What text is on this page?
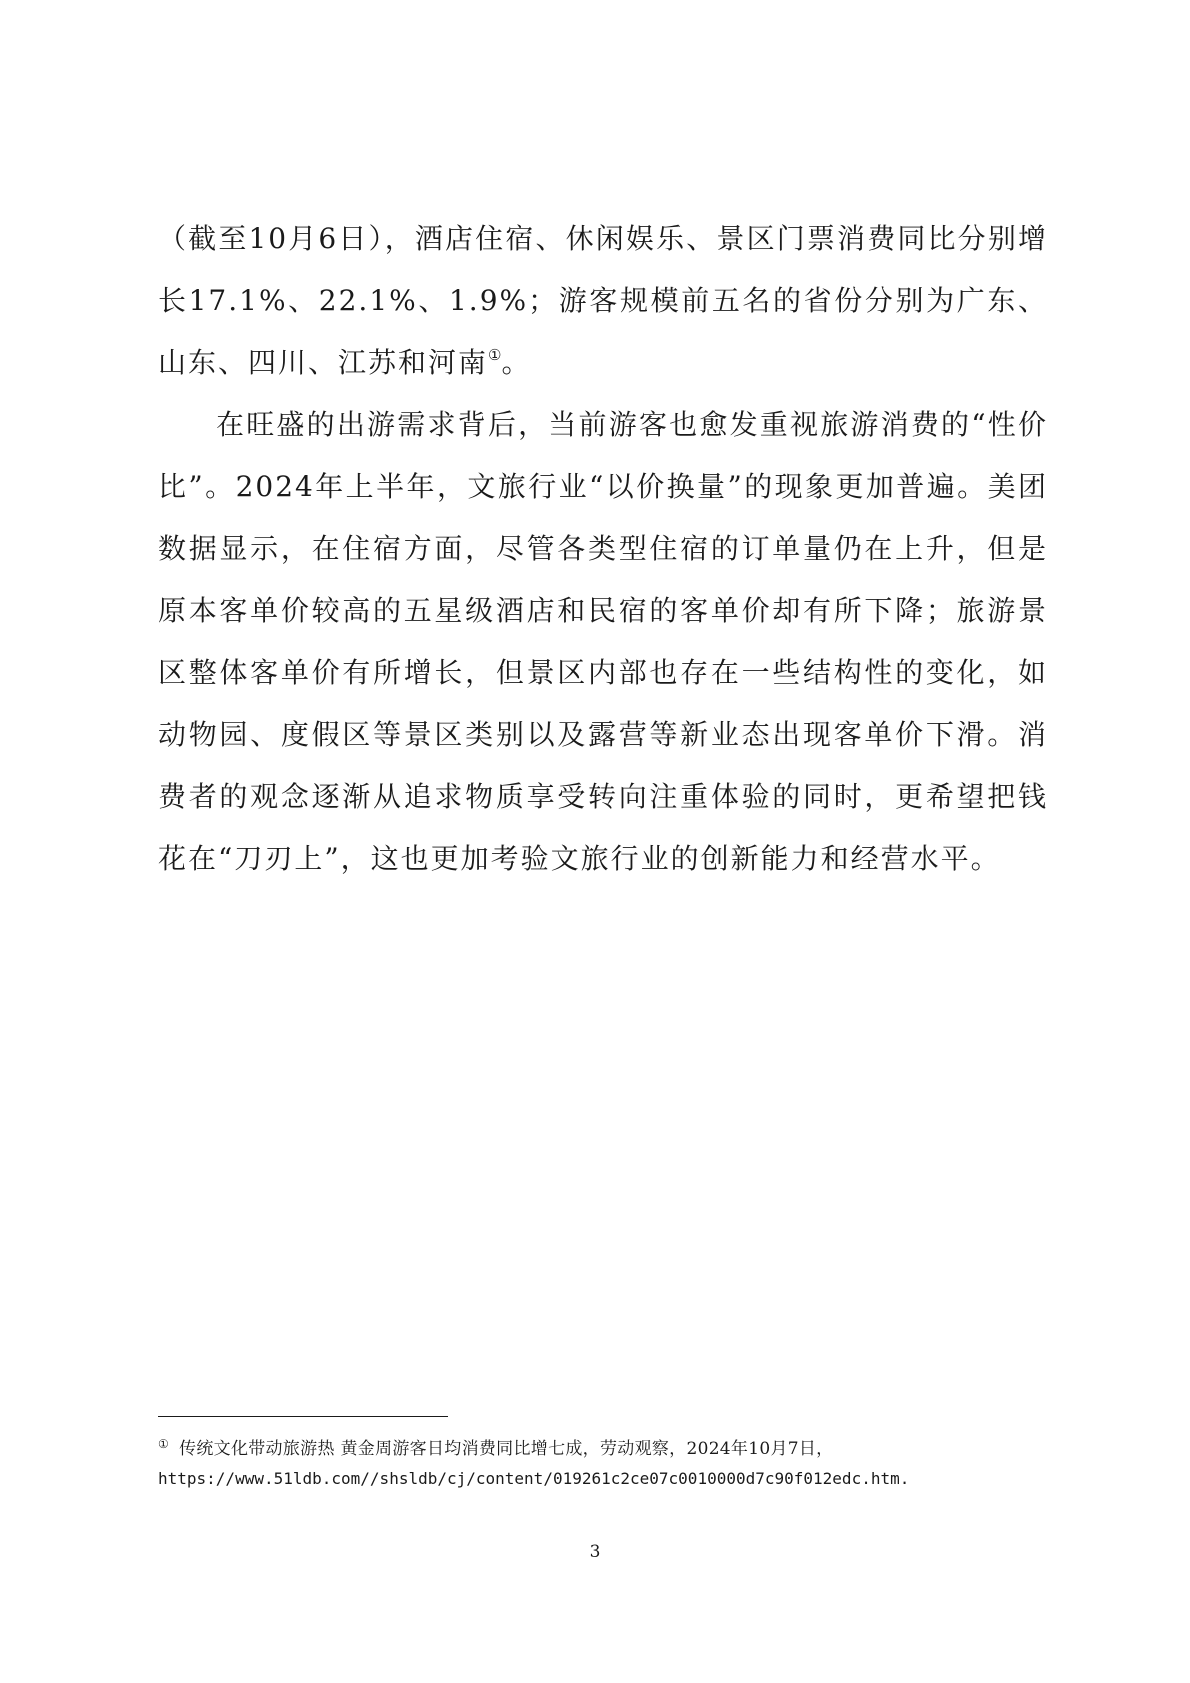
（截至10月6日），酒店住宿、休闲娱乐、景区门票消费同比分别增长17.1%、22.1%、1.9%；游客规模前五名的省份分别为广东、山东、四川、江苏和河南①。

在旺盛的出游需求背后，当前游客也愈发重视旅游消费的“性价比”。2024年上半年，文旅行业“以价换量”的现象更加普遍。美团数据显示，在住宿方面，尽管各类型住宿的订单量仍在上升，但是原本客单价较高的五星级酒店和民宿的客单价却有所下降；旅游景区整体客单价有所增长，但景区内部也存在一些结构性的变化，如动物园、度假区等景区类别以及露营等新业态出现客单价下滑。消费者的观念逐渐从追求物质享受转向注重体验的同时，更希望把钱花在“刀刃上”，这也更加考验文旅行业的创新能力和经营水平。

① 传统文化带动旅游热 黄金周游客日均消费同比增七成，劳动观察，2024年10月7日，

https://www.51ldb.com//shsldb/cj/content/019261c2ce07c0010000d7c90f012edc.htm.

3
